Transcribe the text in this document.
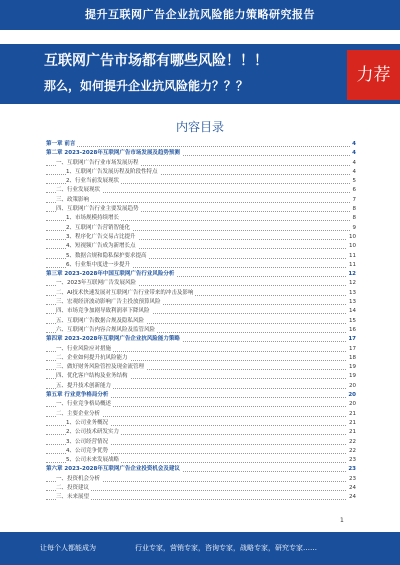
提升互联网广告企业抗风险能力策略研究报告
互联网广告市场都有哪些风险！！！
那么，如何提升企业抗风险能力？？？
力荐
内容目录
第一章 前言	4
第二章 2023-2028年互联网广告市场发展及趋势预测	4
一、互联网广告行业市场发展历程	4
1、互联网广告发展历程及阶段性特点	4
2、行业当前发展现状	5
二、行业发展现状	6
三、政策影响	7
四、互联网广告行业主要发展趋势	8
1、市场规模持续增长	8
2、互联网广告营销智能化	9
3、程序化广告交易占比提升	10
4、短视频广告成为新增长点	10
5、数据合规和隐私保护要求提高	11
6、行业集中度进一步提升	11
第三章 2023-2028年中国互联网广告行业风险分析	12
一、2023年互联网广告发展风险	12
二、AI技术快速发展对互联网广告行业带来的冲击及影响	13
三、宏观经济波动影响广告主投放预算风险	13
四、市场竞争加剧导致利润率下降风险	14
五、互联网广告数据合规及隐私风险	15
六、互联网广告内容合规风险及监管风险	16
第四章 2023-2028年互联网广告企业抗风险能力策略	17
一、行业风险应对措施	17
二、企业如何提升抗风险能力	18
三、做好财务风险管控及现金流管理	19
四、优化客户结构及业务结构	19
五、提升技术创新能力	20
第五章 行业竞争格局分析	20
一、行业竞争格局概述	20
二、主要企业分析	21
1、公司业务概况	21
2、公司技术研发实力	21
3、公司经营情况	22
4、公司竞争优势	22
5、公司未来发展战略	23
第六章 2023-2028年互联网广告企业投资机会及建议	23
一、投资机会分析	23
二、投资建议	24
三、未来展望	24
1
让每个人都能成为	行业专家，营销专家，咨询专家，战略专家，研究专家……
